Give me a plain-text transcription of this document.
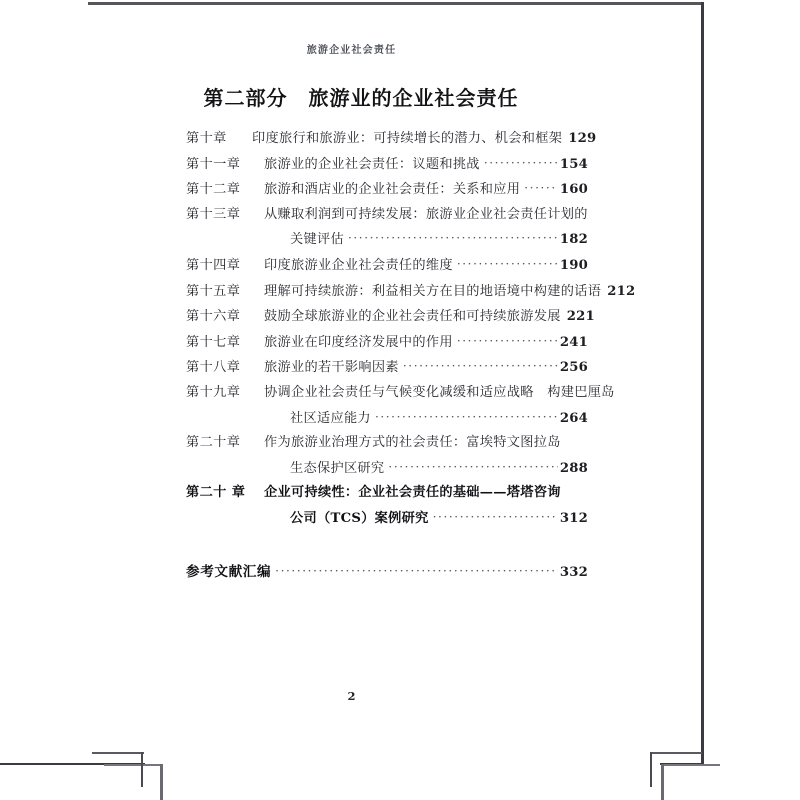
旅游企业社会责任
第二部分　旅游业的企业社会责任
第十章	印度旅行和旅游业：可持续增长的潜力、机会和框架 129
第十一章	旅游业的企业社会责任：议题和挑战 ·····	154
第十二章	旅游和酒店业的企业社会责任：关系和应用 ·····	160
第十三章	从赚取利润到可持续发展：旅游业企业社会责任计划的
关键评估 ·····	182
第十四章	印度旅游业企业社会责任的维度 ·····	190
第十五章	理解可持续旅游：利益相关方在目的地语境中构建的话语 212
第十六章	鼓励全球旅游业的企业社会责任和可持续旅游发展 221
第十七章	旅游业在印度经济发展中的作用 ·····	241
第十八章	旅游业的若干影响因素 ·····	256
第十九章	协调企业社会责任与气候变化减缓和适应战略　构建巴厘岛
社区适应能力 ·····	264
第二十章	作为旅游业治理方式的社会责任：富埃特文图拉岛
生态保护区研究 ·····	288
第二十 章	企业可持续性：企业社会责任的基础——塔塔咨询
公司（TCS）案例研究 ·····	312
参考文献汇编 ·····	332
2
